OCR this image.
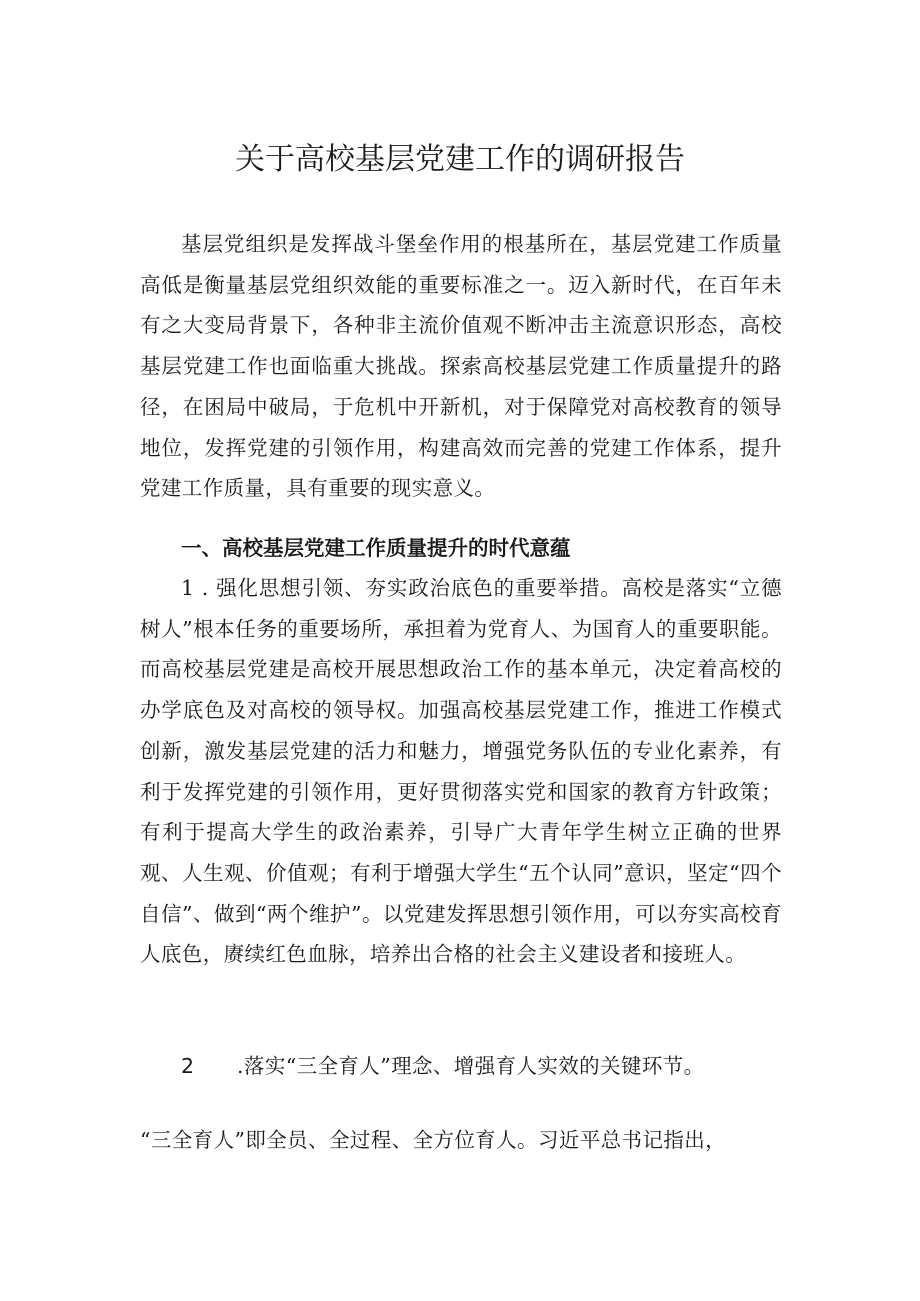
关于高校基层党建工作的调研报告

基层党组织是发挥战斗堡垒作用的根基所在，基层党建工作质量高低是衡量基层党组织效能的重要标准之一。迈入新时代，在百年未有之大变局背景下，各种非主流价值观不断冲击主流意识形态，高校基层党建工作也面临重大挑战。探索高校基层党建工作质量提升的路径，在困局中破局，于危机中开新机，对于保障党对高校教育的领导地位，发挥党建的引领作用，构建高效而完善的党建工作体系，提升党建工作质量，具有重要的现实意义。

一、高校基层党建工作质量提升的时代意蕴

1 . 强化思想引领、夯实政治底色的重要举措。高校是落实“立德树人”根本任务的重要场所，承担着为党育人、为国育人的重要职能。而高校基层党建是高校开展思想政治工作的基本单元，决定着高校的办学底色及对高校的领导权。加强高校基层党建工作，推进工作模式创新，激发基层党建的活力和魅力，增强党务队伍的专业化素养，有利于发挥党建的引领作用，更好贯彻落实党和国家的教育方针政策；有利于提高大学生的政治素养，引导广大青年学生树立正确的世界观、人生观、价值观；有利于增强大学生“五个认同”意识，坚定“四个自信”、做到“两个维护”。以党建发挥思想引领作用，可以夯实高校育人底色，赓续红色血脉，培养出合格的社会主义建设者和接班人。

2 .落实“三全育人”理念、增强育人实效的关键环节。

“三全育人”即全员、全过程、全方位育人。习近平总书记指出，
